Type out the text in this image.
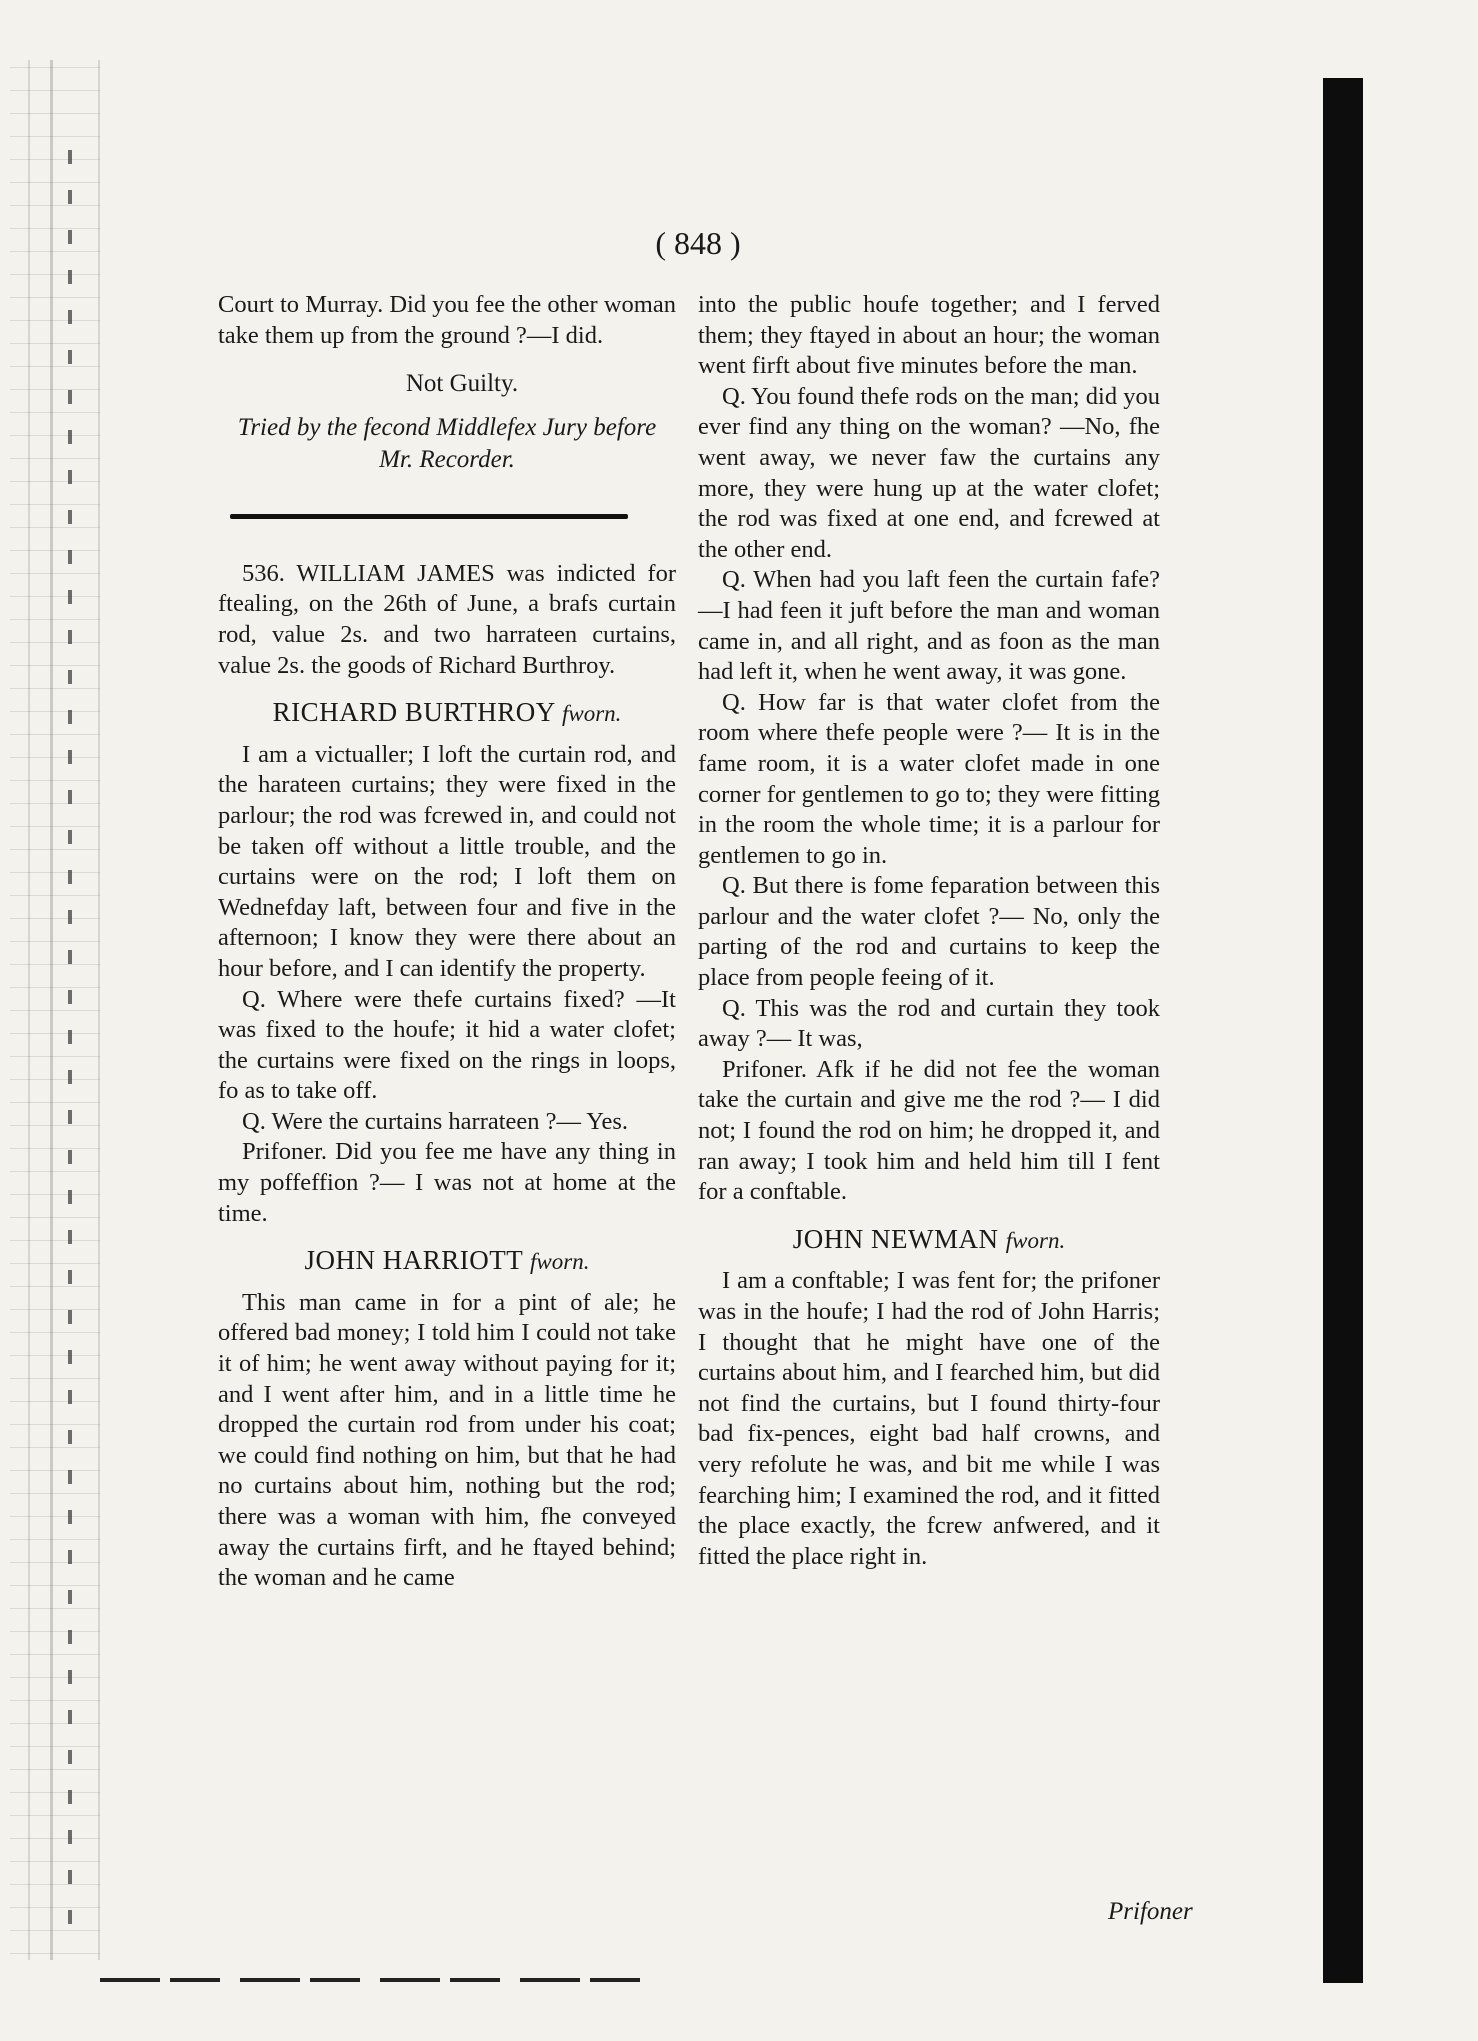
( 848 )

Court to Murray. Did you fee the other woman take them up from the ground ?—I did.

Not Guilty.

Tried by the fecond Middlefex Jury before

Mr. Recorder.

536. WILLIAM JAMES was indicted for ftealing, on the 26th of June, a brafs curtain rod, value 2s. and two harrateen curtains, value 2s. the goods of Richard Burthroy.

RICHARD BURTHROY fworn.

I am a victualler; I loft the curtain rod, and the harateen curtains; they were fixed in the parlour; the rod was fcrewed in, and could not be taken off without a little trouble, and the curtains were on the rod; I loft them on Wednefday laft, between four and five in the afternoon; I know they were there about an hour before, and I can identify the property.

Q. Where were thefe curtains fixed? —It was fixed to the houfe; it hid a water clofet; the curtains were fixed on the rings in loops, fo as to take off.

Q. Were the curtains harrateen ?— Yes.

Prifoner. Did you fee me have any thing in my poffeffion ?— I was not at home at the time.

JOHN HARRIOTT fworn.

This man came in for a pint of ale; he offered bad money; I told him I could not take it of him; he went away without paying for it; and I went after him, and in a little time he dropped the curtain rod from under his coat; we could find nothing on him, but that he had no curtains about him, nothing but the rod; there was a woman with him, fhe conveyed away the curtains firft, and he ftayed behind; the woman and he came

into the public houfe together; and I ferved them; they ftayed in about an hour; the woman went firft about five minutes before the man.

Q. You found thefe rods on the man; did you ever find any thing on the woman? —No, fhe went away, we never faw the curtains any more, they were hung up at the water clofet; the rod was fixed at one end, and fcrewed at the other end.

Q. When had you laft feen the curtain fafe?—I had feen it juft before the man and woman came in, and all right, and as foon as the man had left it, when he went away, it was gone.

Q. How far is that water clofet from the room where thefe people were ?— It is in the fame room, it is a water clofet made in one corner for gentlemen to go to; they were fitting in the room the whole time; it is a parlour for gentlemen to go in.

Q. But there is fome feparation between this parlour and the water clofet ?— No, only the parting of the rod and curtains to keep the place from people feeing of it.

Q. This was the rod and curtain they took away ?— It was,

Prifoner. Afk if he did not fee the woman take the curtain and give me the rod ?— I did not; I found the rod on him; he dropped it, and ran away; I took him and held him till I fent for a conftable.

JOHN NEWMAN fworn.

I am a conftable; I was fent for; the prifoner was in the houfe; I had the rod of John Harris; I thought that he might have one of the curtains about him, and I fearched him, but did not find the curtains, but I found thirty-four bad fix-pences, eight bad half crowns, and very refolute he was, and bit me while I was fearching him; I examined the rod, and it fitted the place exactly, the fcrew anfwered, and it fitted the place right in.

Prifoner
